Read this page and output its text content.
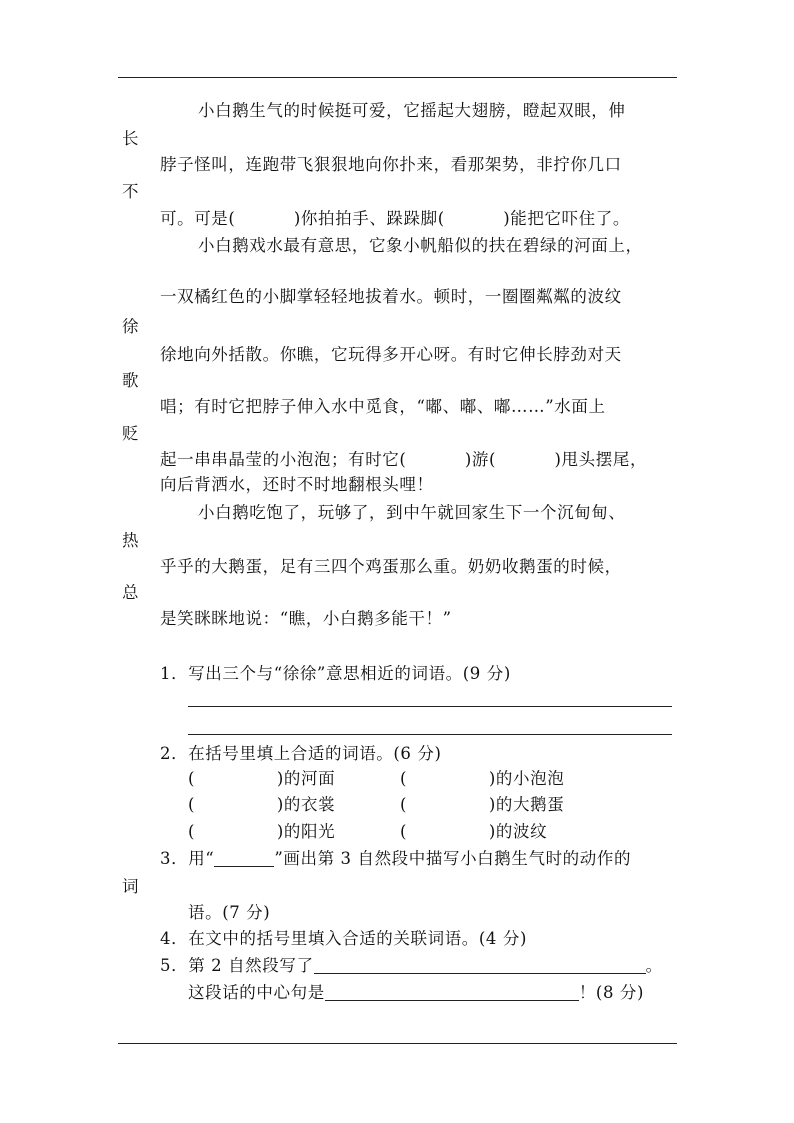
小白鹅生气的时候挺可爱，它摇起大翅膀，瞪起双眼，伸
长
脖子怪叫，连跑带飞狠狠地向你扑来，看那架势，非拧你几口
不
可。可是(          )你拍拍手、跺跺脚(          )能把它吓住了。
小白鹅戏水最有意思，它象小帆船似的扶在碧绿的河面上，
一双橘红色的小脚掌轻轻地拔着水。顿时，一圈圈粼粼的波纹
徐
徐地向外括散。你瞧，它玩得多开心呀。有时它伸长脖劲对天
歌
唱；有时它把脖子伸入水中觅食，“嘟、嘟、嘟……”水面上
贬
起一串串晶莹的小泡泡；有时它(          )游(          )甩头摆尾，
向后背洒水，还时不时地翻根头哩！
小白鹅吃饱了，玩够了，到中午就回家生下一个沉甸甸、
热
乎乎的大鹅蛋，足有三四个鸡蛋那么重。奶奶收鹅蛋的时候，
总
是笑眯眯地说：“瞧，小白鹅多能干！”
1．写出三个与“徐徐”意思相近的词语。(9 分)
2．在括号里填上合适的词语。(6 分)
(              )的河面	(              )的小泡泡
(              )的衣裳	(              )的大鹅蛋
(              )的阳光	(              )的波纹
3．用“	”画出第 3 自然段中描写小白鹅生气时的动作的
词
语。(7 分)
4．在文中的括号里填入合适的关联词语。(4 分)
5．第 2 自然段写了	。
这段话的中心句是	！(8 分)
